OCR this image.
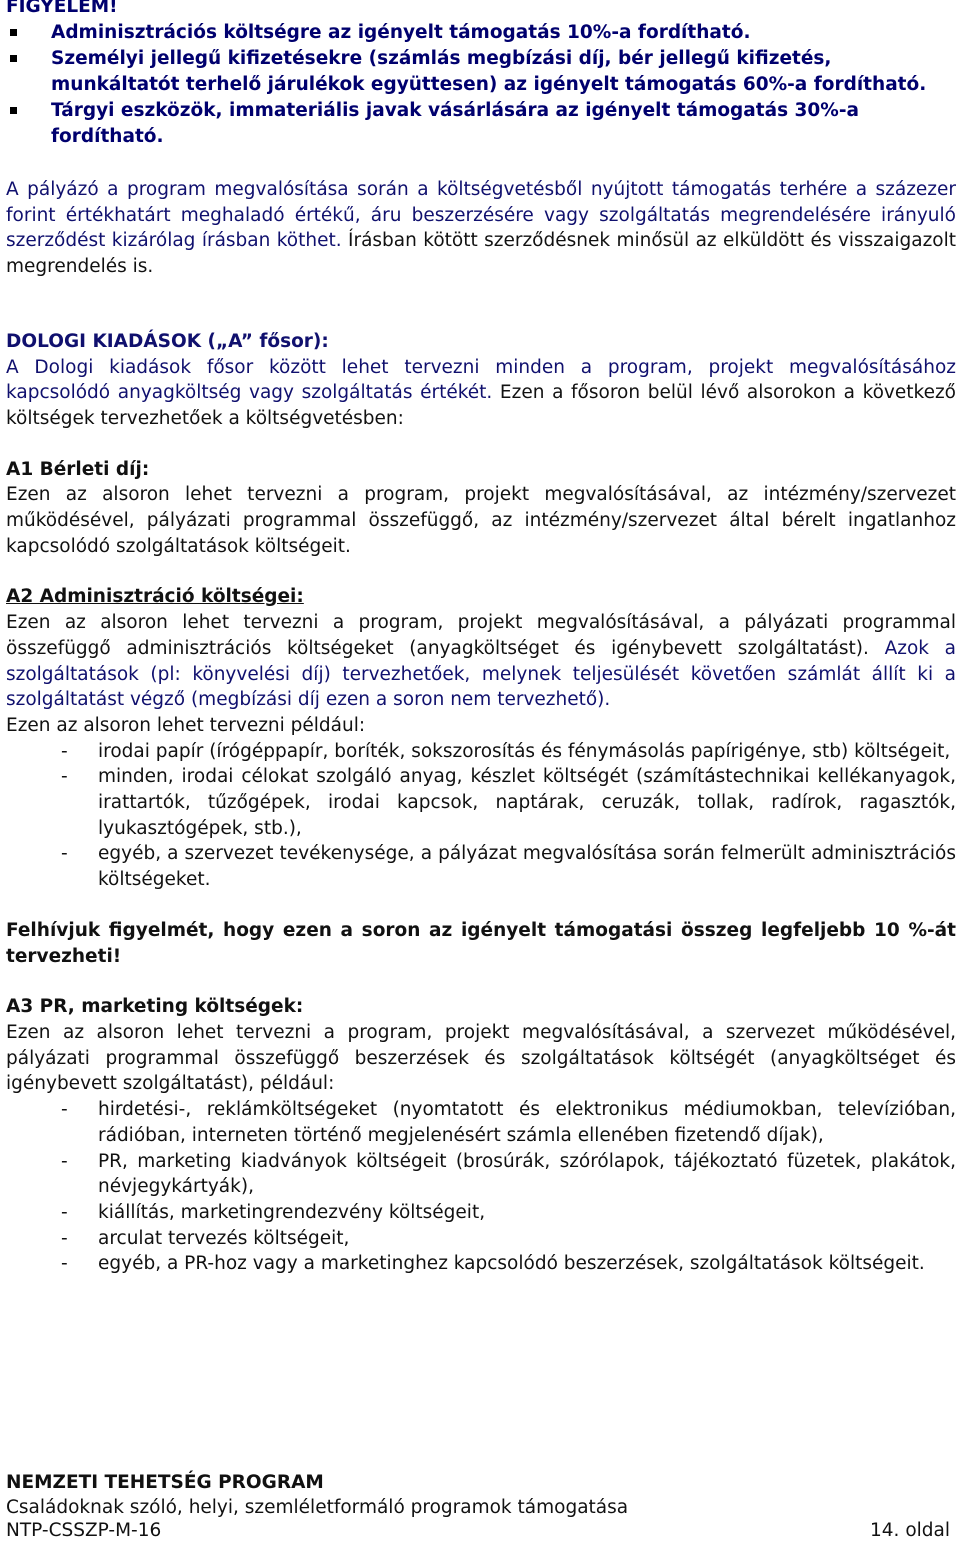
FIGYELEM!

Adminisztrációs költségre az igényelt támogatás 10%-a fordítható.
Személyi jellegű kifizetésekre (számlás megbízási díj, bér jellegű kifizetés, munkáltatót terhelő járulékok együttesen) az igényelt támogatás 60%-a fordítható.
Tárgyi eszközök, immateriális javak vásárlására az igényelt támogatás 30%-a fordítható.

A pályázó a program megvalósítása során a költségvetésből nyújtott támogatás terhére a százezer forint értékhatárt meghaladó értékű, áru beszerzésére vagy szolgáltatás megrendelésére irányuló szerződést kizárólag írásban köthet. Írásban kötött szerződésnek minősül az elküldött és visszaigazolt megrendelés is.

DOLOGI KIADÁSOK („A” fősor):

A Dologi kiadások fősor között lehet tervezni minden a program, projekt megvalósításához kapcsolódó anyagköltség vagy szolgáltatás értékét. Ezen a fősoron belül lévő alsorokon a következő költségek tervezhetőek a költségvetésben:

A1 Bérleti díj:

Ezen az alsoron lehet tervezni a program, projekt megvalósításával, az intézmény/szervezet működésével, pályázati programmal összefüggő, az intézmény/szervezet által bérelt ingatlanhoz kapcsolódó szolgáltatások költségeit.

A2 Adminisztráció költségei:

Ezen az alsoron lehet tervezni a program, projekt megvalósításával, a pályázati programmal összefüggő adminisztrációs költségeket (anyagköltséget és igénybevett szolgáltatást). Azok a szolgáltatások (pl: könyvelési díj) tervezhetőek, melynek teljesülését követően számlát állít ki a szolgáltatást végző (megbízási díj ezen a soron nem tervezhető).

Ezen az alsoron lehet tervezni például:

- irodai papír (írógéppapír, boríték, sokszorosítás és fénymásolás papírigénye, stb) költségeit,
- minden, irodai célokat szolgáló anyag, készlet költségét (számítástechnikai kellékanyagok, irattartók, tűzőgépek, irodai kapcsok, naptárak, ceruzák, tollak, radírok, ragasztók, lyukasztógépek, stb.),
- egyéb, a szervezet tevékenysége, a pályázat megvalósítása során felmerült adminisztrációs költségeket.

Felhívjuk figyelmét, hogy ezen a soron az igényelt támogatási összeg legfeljebb 10 %-át tervezheti!

A3 PR, marketing költségek:

Ezen az alsoron lehet tervezni a program, projekt megvalósításával, a szervezet működésével, pályázati programmal összefüggő beszerzések és szolgáltatások költségét (anyagköltséget és igénybevett szolgáltatást), például:

- hirdetési-, reklámköltségeket (nyomtatott és elektronikus médiumokban, televízióban, rádióban, interneten történő megjelenésért számla ellenében fizetendő díjak),
- PR, marketing kiadványok költségeit (brosúrák, szórólapok, tájékoztató füzetek, plakátok, névjegykártyák),
- kiállítás, marketingrendezvény költségeit,
- arculat tervezés költségeit,
- egyéb, a PR-hoz vagy a marketinghez kapcsolódó beszerzések, szolgáltatások költségeit.

NEMZETI TEHETSÉG PROGRAM

Családoknak szóló, helyi, szemléletformáló programok támogatása

NTP-CSSZP-M-16	14. oldal
